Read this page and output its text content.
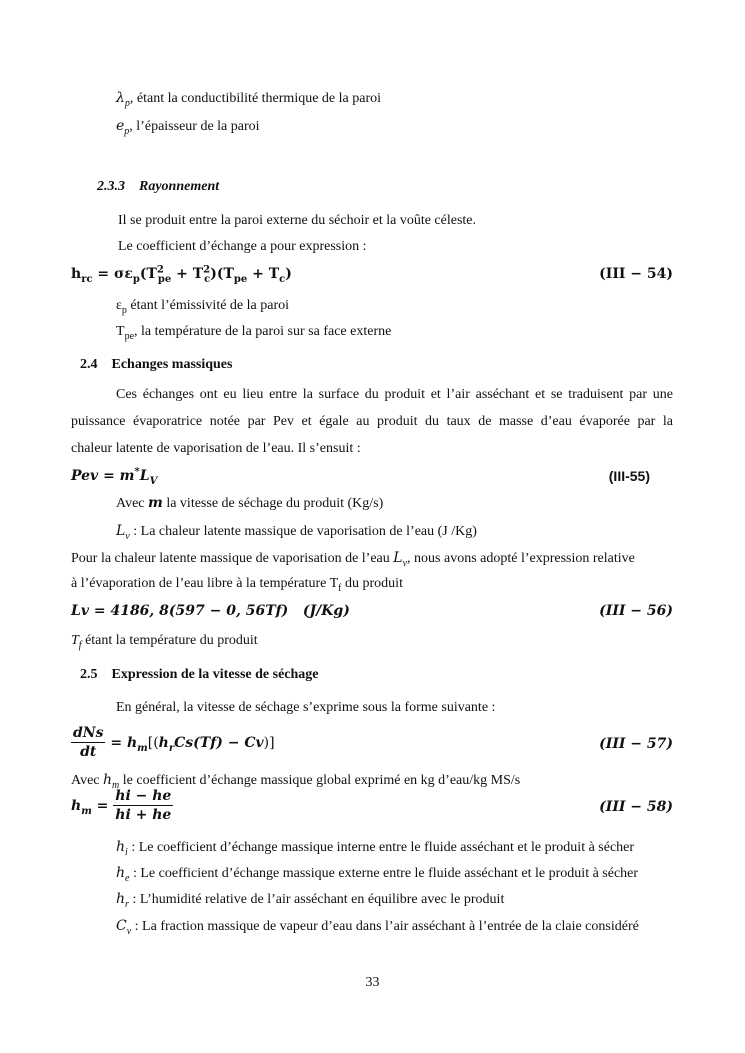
$\lambda_p$, étant la conductibilité thermique de la paroi
$e_p$, l’épaisseur de la paroi
2.3.3 Rayonnement
Il se produit entre la paroi externe du séchoir et la voûte céleste.
Le coefficient d’échange a pour expression :
$h_{rc} = \sigma\varepsilon_p(T^2_{pe} + T^2_c)(T_{pe} + T_c)$	(III − 54)
$\varepsilon_p$ étant l’émissivité de la paroi
$T_{pe}$, la température de la paroi sur sa face externe
2.4 Echanges massiques
Ces échanges ont eu lieu entre la surface du produit et l’air asséchant et se traduisent par une
puissance évaporatrice notée par Pev et égale au produit du taux de masse d’eau évaporée par la
chaleur latente de vaporisation de l’eau. Il s’ensuit :
Pev = $m^*L_V$	(III-55)
Avec m la vitesse de séchage du produit (Kg/s)
$L_v$ : La chaleur latente massique de vaporisation de l’eau (J /Kg)
Pour la chaleur latente massique de vaporisation de l’eau $L_v$, nous avons adopté l’expression relative
à l’évaporation de l’eau libre à la température $T_f$ du produit
Lv = 4186, 8(597 − 0, 56Tf) (J/Kg)	(III − 56)
$T_f$ étant la température du produit
2.5 Expression de la vitesse de séchage
En général, la vitesse de séchage s’exprime sous la forme suivante :
$\frac{\text{dNs}}{dt} = h_m[(h_rCs(Tf) - Cv)]$	(III − 57)
Avec $h_m$ le coefficient d’échange massique global exprimé en kg d’eau/kg MS/s
$h_m = \frac{hi - he}{hi + he}$	(III − 58)
$h_i$ : Le coefficient d’échange massique interne entre le fluide asséchant et le produit à sécher
$h_e$ : Le coefficient d’échange massique externe entre le fluide asséchant et le produit à sécher
$h_r$ : L’humidité relative de l’air asséchant en équilibre avec le produit
$C_v$ : La fraction massique de vapeur d’eau dans l’air asséchant à l’entrée de la claie considéré
33
